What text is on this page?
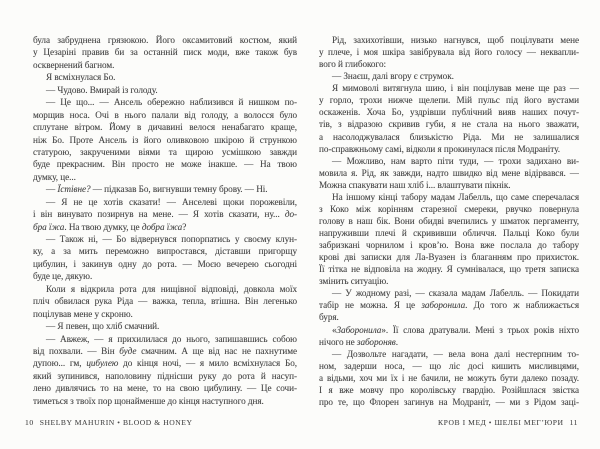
була забруднена грязюкою. Його оксамитовий костюм, який
у Цезаріні правив би за останній писк моди, вже також був
осквернений багном.
Я всміхнулася Бо.
— Чудово. Вмирай із голоду.
— Це що... — Ансель обережно наблизився й нишком по-
морщив носа. Очі в нього палали від голоду, а волосся було
сплутане вітром. Йому в дичавині велося ненабагато краще,
ніж Бо. Проте Ансель із його оливковою шкірою й стрункою
статурою, закрученими віями та щирою усмішкою завжди
буде прекрасним. Він просто не може інакше. — На твою
думку, це...
— Їстівне? — підказав Бо, вигнувши темну брову. — Ні.
— Я не це хотів сказати! — Анселеві щоки порожевіли,
і він винувато позирнув на мене. — Я хотів сказати, ну... до-
бра їжа. На твою думку, це добра їжа?
— Також ні, — Бо відвернувся попорпатись у своєму клун-
ку, а за мить переможно випростався, діставши пригорщу
цибулин, і закинув одну до рота. — Моєю вечерею сьогодні
буде це, дякую.
Коли я відкрила рота для нищівної відповіді, довкола моїх
пліч обвилася рука Ріда — важка, тепла, втішна. Він легенько
поцілував мене у скроню.
— Я певен, що хліб смачний.
— Авжеж, — я прихилилася до нього, запишавшись собою
від похвали. — Він буде смачним. А ще від нас не пахнутиме
дупою... гм, цибулею до кінця ночі, — я мило всміхнулася Бо,
який зупинився, наполовину піднісши руку до рота й насуп-
лено дивлячись то на мене, то на свою цибулину. — Це сочи-
тиметься з твоїх пор щонайменше до кінця наступного дня.
Рід, захихотівши, низько нагнувся, щоб поцілувати мене
у плече, і моя шкіра завібрувала від його голосу — неквапли-
вого й глибокого:
— Знаєш, далі вгору є струмок.
Я мимоволі витягнула шию, і він поцілував мене ще раз —
у горло, трохи нижче щелепи. Мій пульс під його вустами
оскаженів. Хоча Бо, уздрівши публічний вияв наших почут-
тів, з відразою скривив губи, я не стала на нього зважати,
а насолоджувалася близькістю Ріда. Ми не залишалися
по-справжньому самі, відколи я прокинулася після Модраніту.
— Можливо, нам варто піти туди, — трохи задихано ви-
мовила я. Рід, як завжди, надто швидко від мене відірвався. —
Можна спакувати наш хліб і... влаштувати пікнік.
На іншому кінці табору мадам Лабелль, що саме сперечалася
з Коко між корінням старезної смереки, рвучко повернула
голову в наш бік. Вони обидві вчепились у шматок пергаменту,
напруживши плечі й скрививши обличчя. Пальці Коко були
забризкані чорнилом і кров’ю. Вона вже послала до табору
крові дві записки для Ла-Вуазен із благанням про прихисток.
Її тітка не відповіла на жодну. Я сумнівалася, що третя записка
змінить ситуацію.
— У жодному разі, — сказала мадам Лабелль. — Покидати
табір не можна. Я це заборонила. До того ж наближається
буря.
«Заборонила». Її слова дратували. Мені з трьох років ніхто
нічого не забороняв.
— Дозвольте нагадати, — вела вона далі нестерпним то-
ном, задерши носа, — що ліс досі кишить мисливцями,
а відьми, хоч ми їх і не бачили, не можуть бути далеко позаду.
І я вже мовчу про королівську гвардію. Розійшлася звістка
про те, що Флорен загинув на Модраніт, — ми з Рідом заці-
10 SHELBY MAHURIN • BLOOD & HONEY	КРОВ І МЕД • ШЕЛБІ МЕГ’ЮРИ 11
